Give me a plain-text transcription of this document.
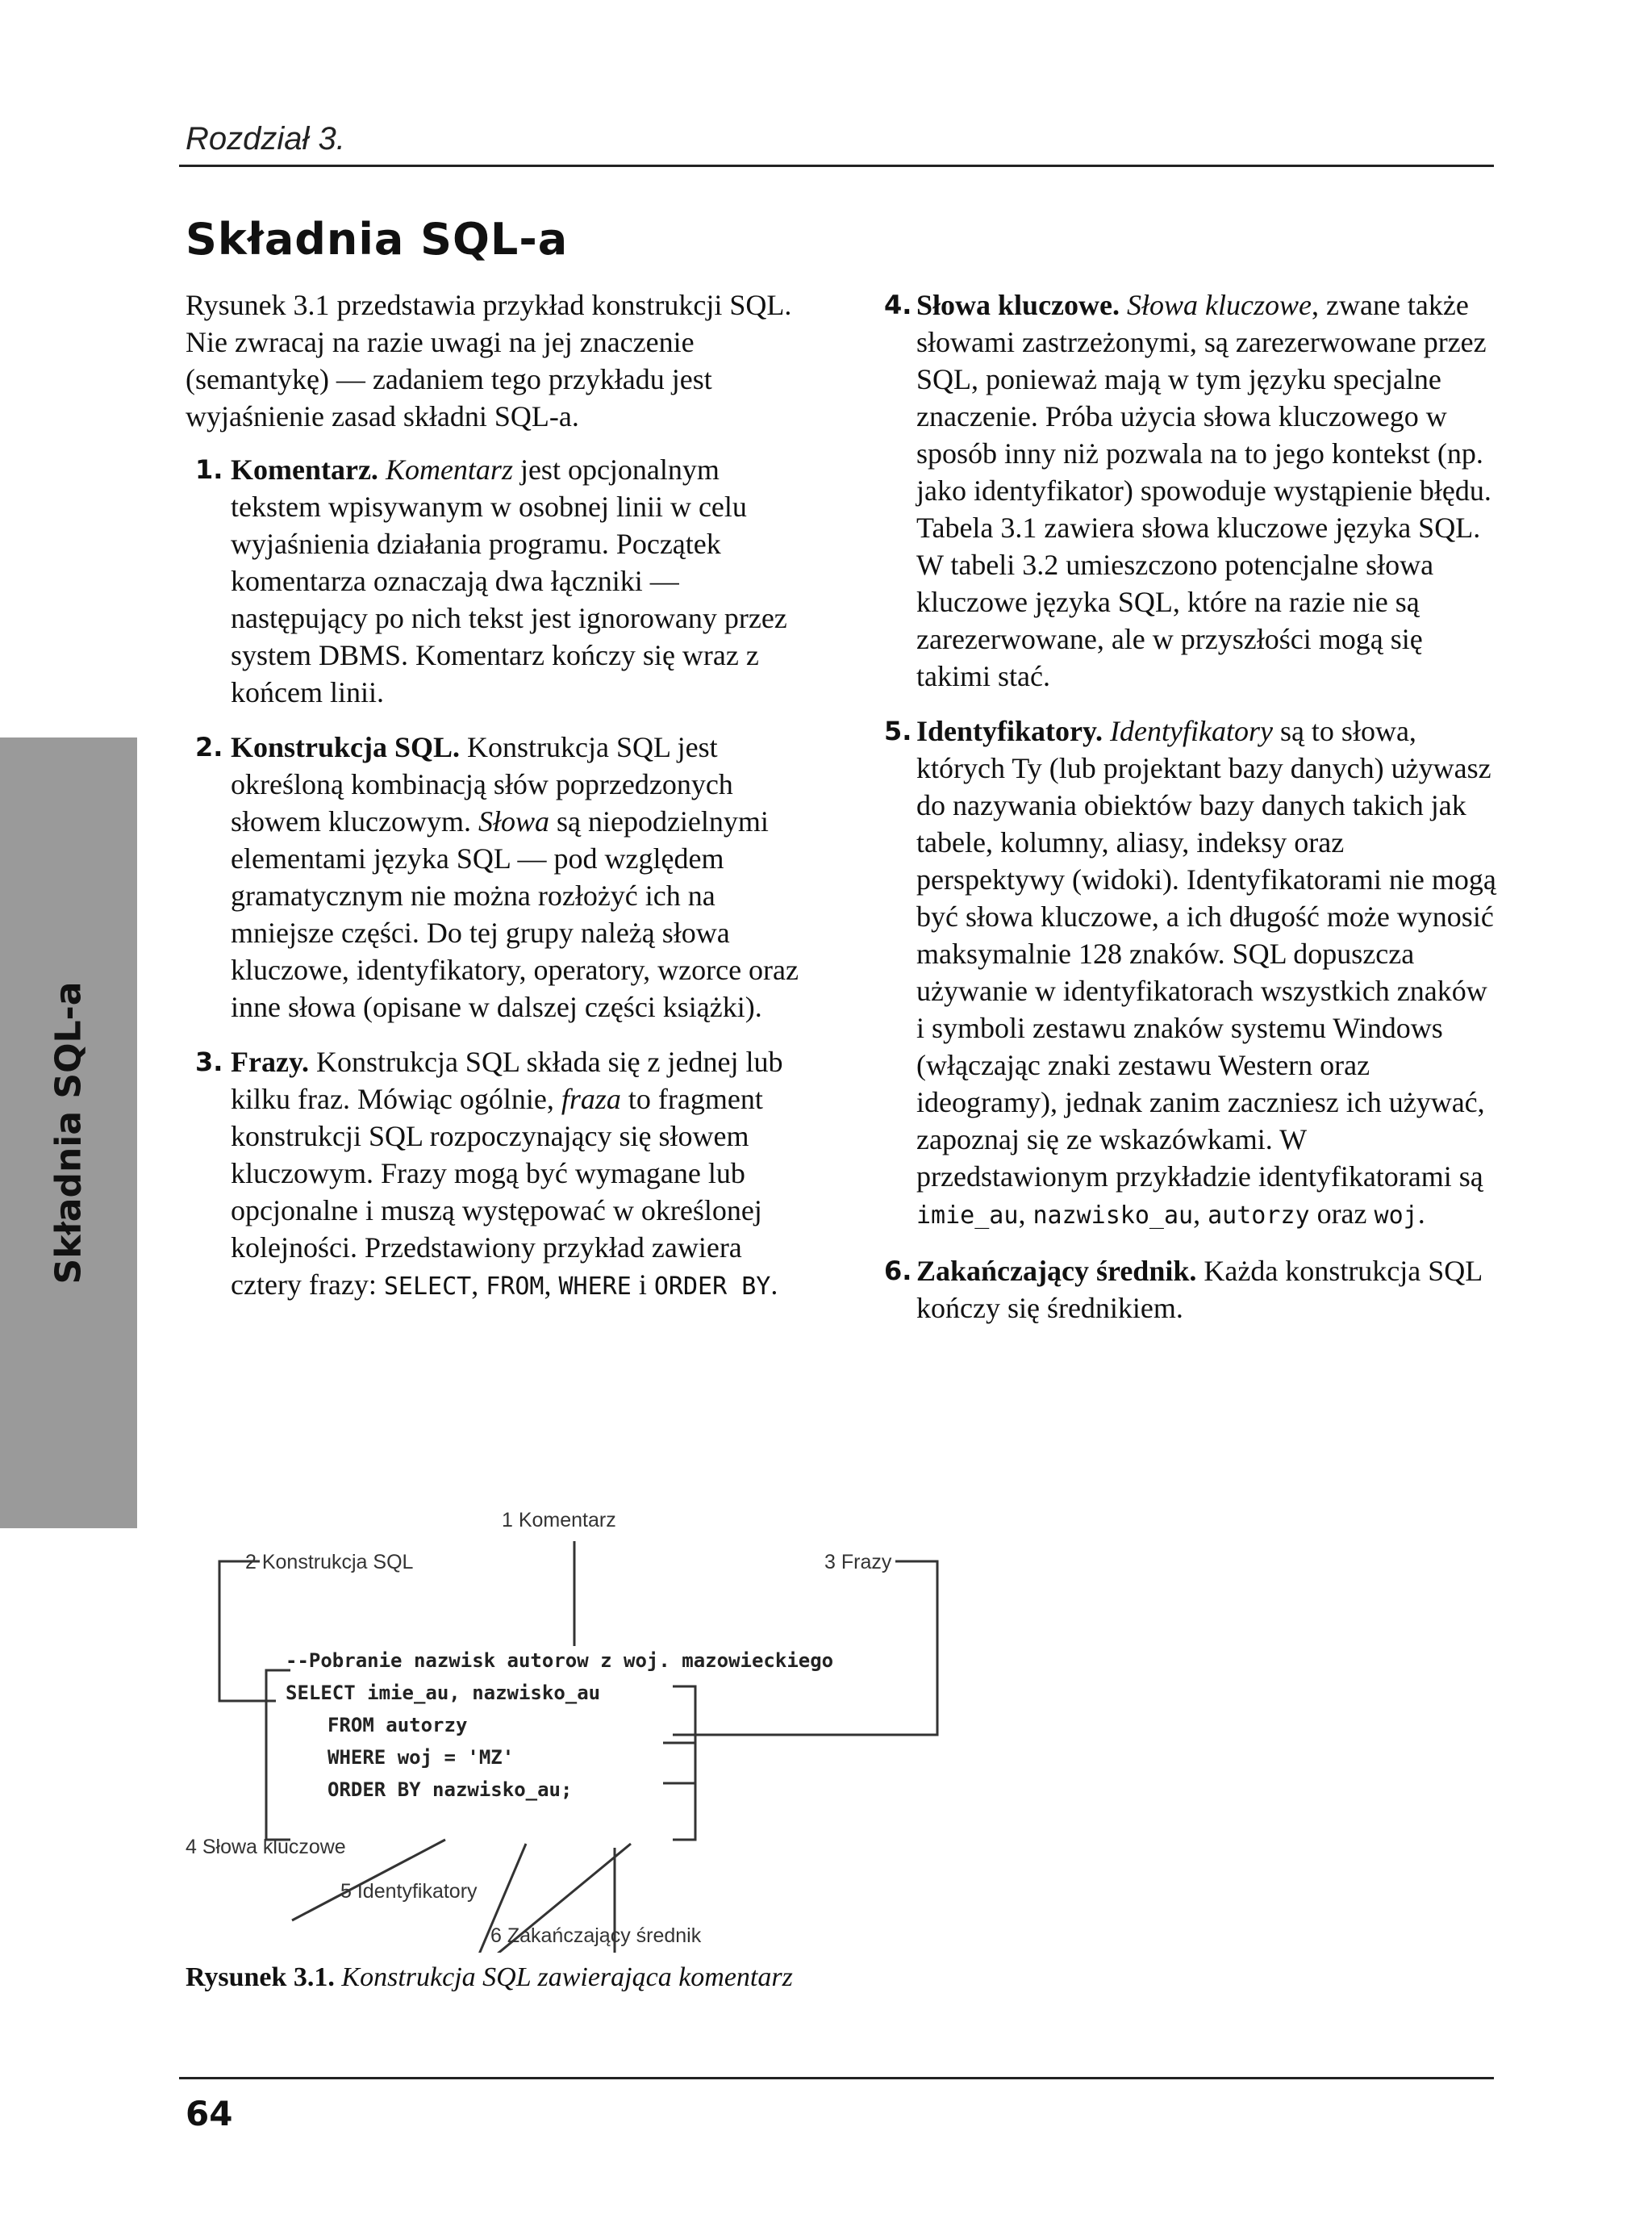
Rozdział 3.
Składnia SQL-a
Składnia SQL-a

Rysunek 3.1 przedstawia przykład konstrukcji SQL. Nie zwracaj na razie uwagi na jej znaczenie (semantykę) — zadaniem tego przykładu jest wyjaśnienie zasad składni SQL-a.

1. Komentarz. Komentarz jest opcjonalnym tekstem wpisywanym w osobnej linii w celu wyjaśnienia działania programu. Początek komentarza oznaczają dwa łączniki — następujący po nich tekst jest ignorowany przez system DBMS. Komentarz kończy się wraz z końcem linii.
2. Konstrukcja SQL. Konstrukcja SQL jest określoną kombinacją słów poprzedzonych słowem kluczowym. Słowa są niepodzielnymi elementami języka SQL — pod względem gramatycznym nie można rozłożyć ich na mniejsze części. Do tej grupy należą słowa kluczowe, identyfikatory, operatory, wzorce oraz inne słowa (opisane w dalszej części książki).
3. Frazy. Konstrukcja SQL składa się z jednej lub kilku fraz. Mówiąc ogólnie, fraza to fragment konstrukcji SQL rozpoczynający się słowem kluczowym. Frazy mogą być wymagane lub opcjonalne i muszą występować w określonej kolejności. Przedstawiony przykład zawiera cztery frazy: SELECT, FROM, WHERE i ORDER BY.
4. Słowa kluczowe. Słowa kluczowe, zwane także słowami zastrzeżonymi, są zarezerwowane przez SQL, ponieważ mają w tym języku specjalne znaczenie. Próba użycia słowa kluczowego w sposób inny niż pozwala na to jego kontekst (np. jako identyfikator) spowoduje wystąpienie błędu. Tabela 3.1 zawiera słowa kluczowe języka SQL. W tabeli 3.2 umieszczono potencjalne słowa kluczowe języka SQL, które na razie nie są zarezerwowane, ale w przyszłości mogą się takimi stać.
5. Identyfikatory. Identyfikatory są to słowa, których Ty (lub projektant bazy danych) używasz do nazywania obiektów bazy danych takich jak tabele, kolumny, aliasy, indeksy oraz perspektywy (widoki). Identyfikatorami nie mogą być słowa kluczowe, a ich długość może wynosić maksymalnie 128 znaków. SQL dopuszcza używanie w identyfikatorach wszystkich znaków i symboli zestawu znaków systemu Windows (włączając znaki zestawu Western oraz ideogramy), jednak zanim zaczniesz ich używać, zapoznaj się ze wskazówkami. W przedstawionym przykładzie identyfikatorami są imie_au, nazwisko_au, autorzy oraz woj.
6. Zakańczający średnik. Każda konstrukcja SQL kończy się średnikiem.
1 Komentarz
2 Konstrukcja SQL	3 Frazy
--Pobranie nazwisk autorow z woj. mazowieckiego
SELECT imie_au, nazwisko_au
FROM autorzy
WHERE woj = 'MZ'
ORDER BY nazwisko_au;
4 Słowa kluczowe
5 Identyfikatory
6 Zakańczający średnik
Rysunek 3.1. Konstrukcja SQL zawierająca komentarz
64
